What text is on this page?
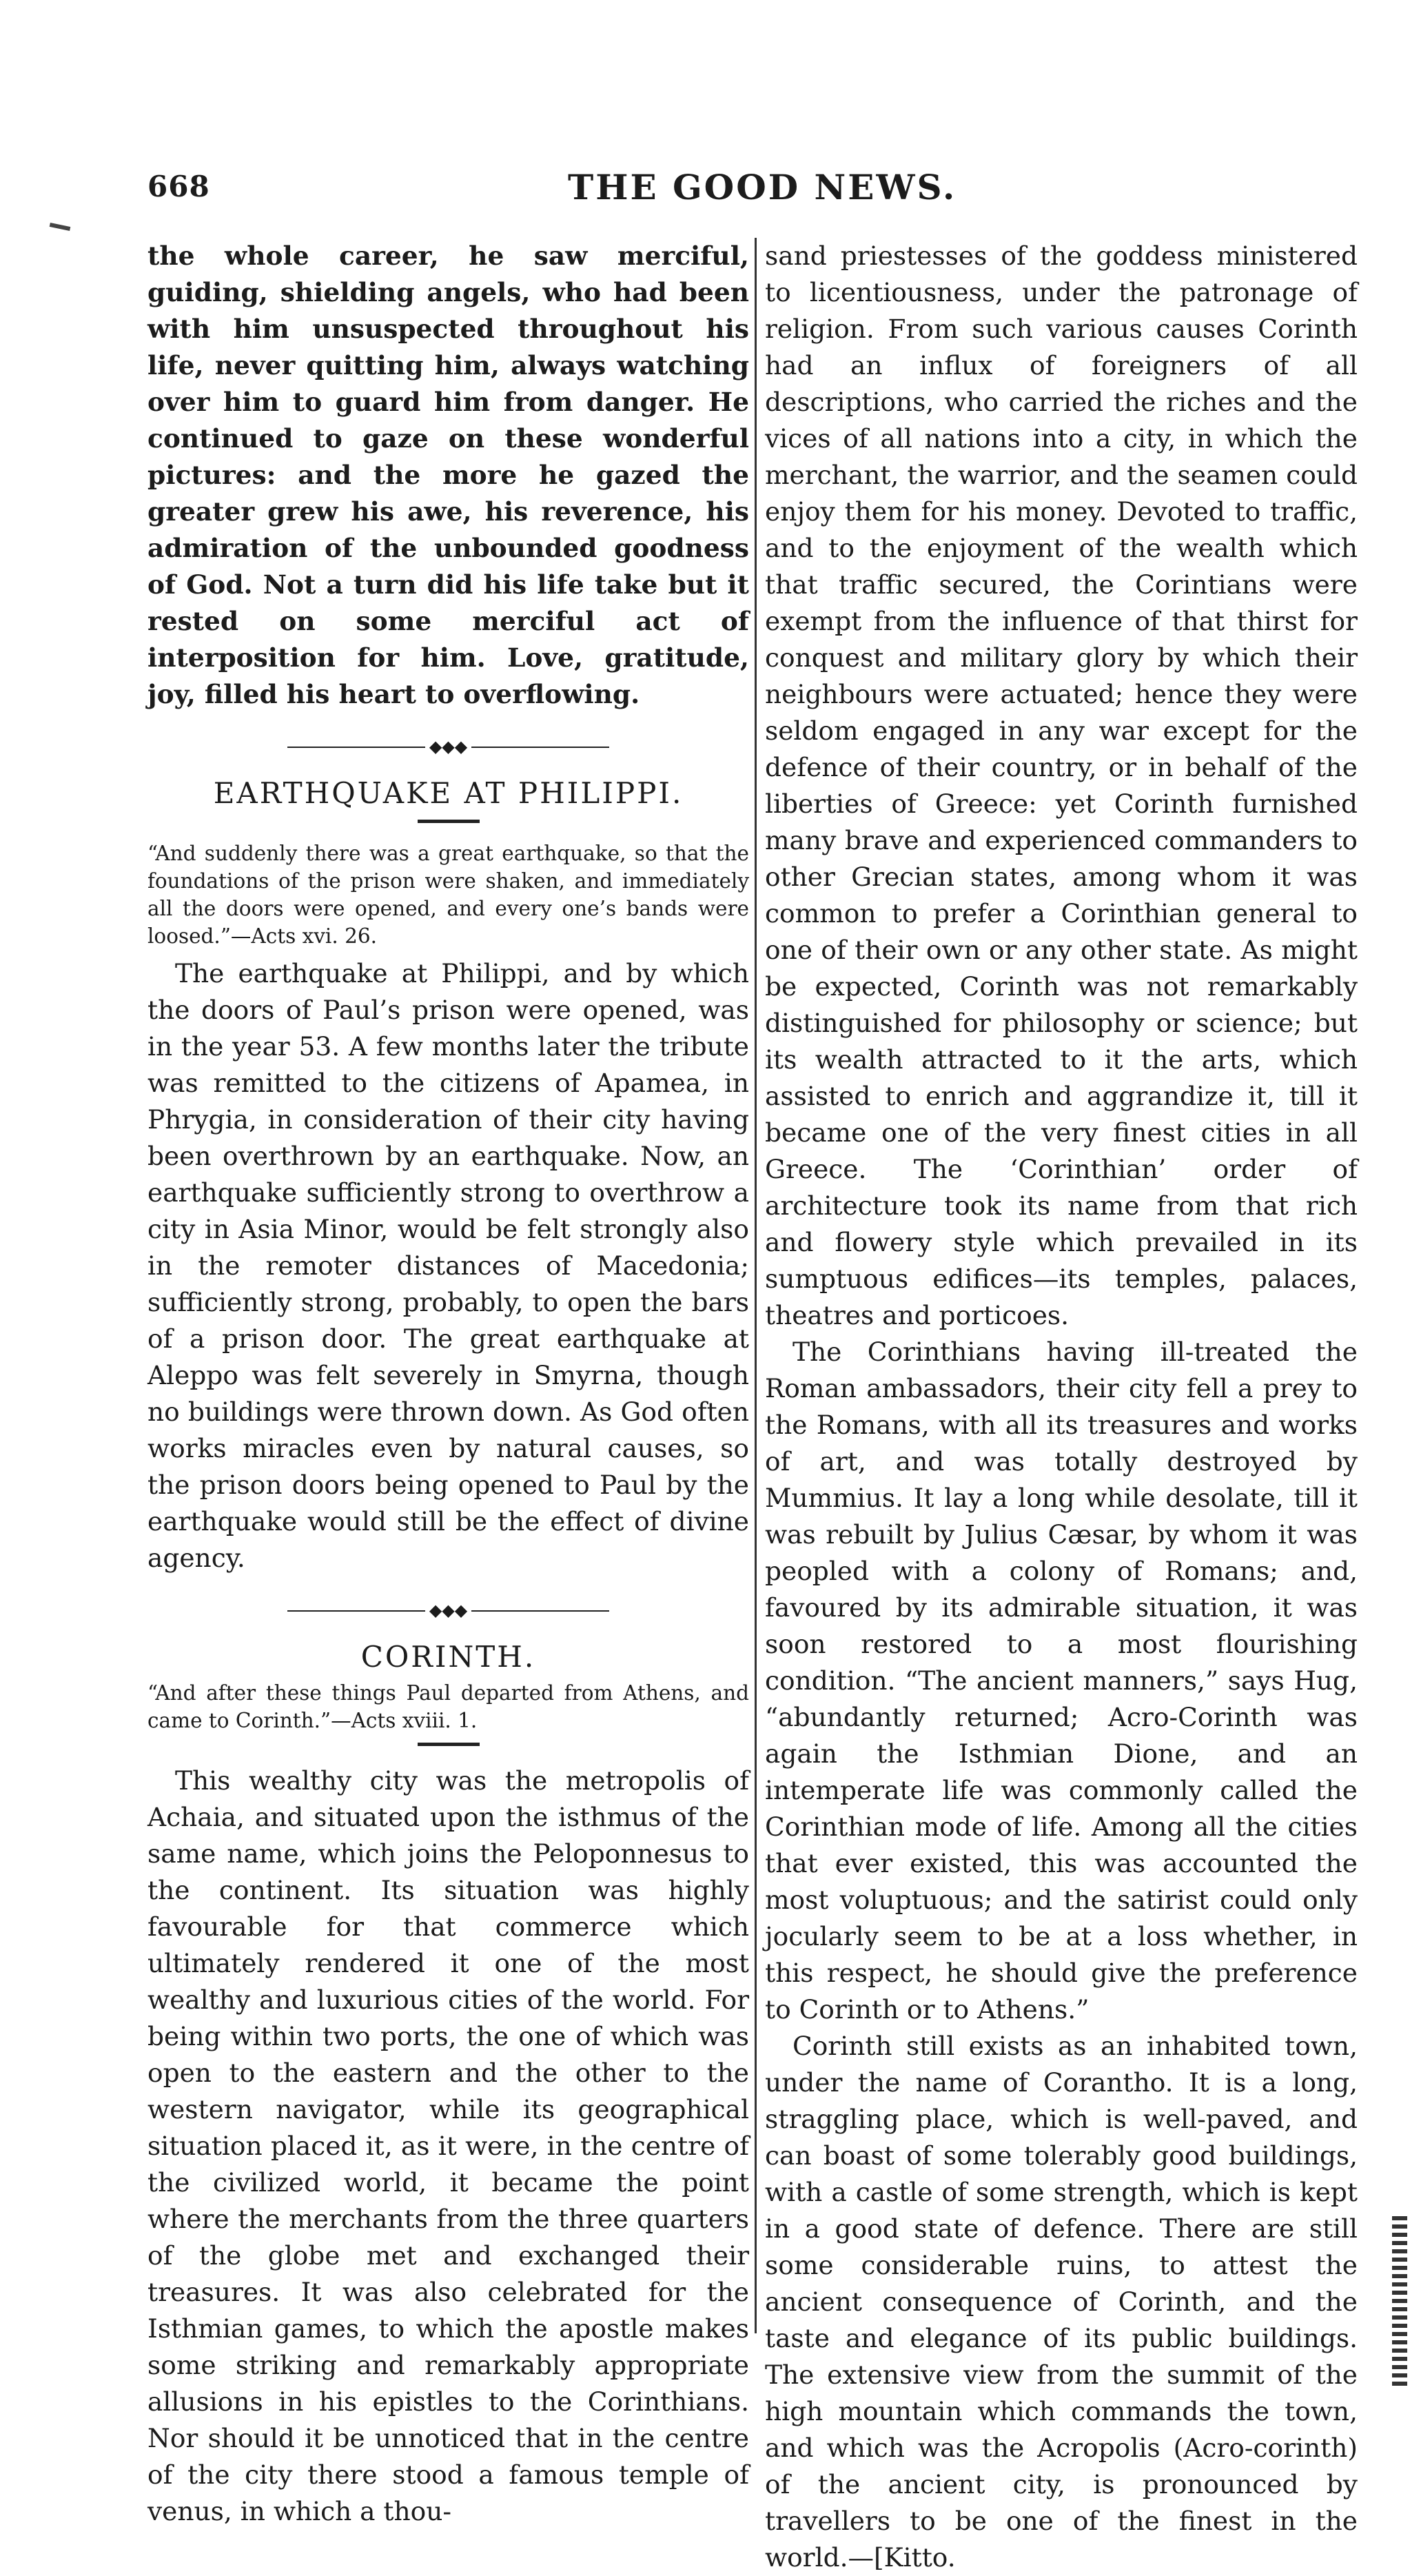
668	THE GOOD NEWS.

the whole career, he saw merciful, guiding, shielding angels, who had been with him unsuspected throughout his life, never quitting him, always watching over him to guard him from danger. He continued to gaze on these wonderful pictures: and the more he gazed the greater grew his awe, his reverence, his admiration of the unbounded goodness of God. Not a turn did his life take but it rested on some merciful act of interposition for him. Love, gratitude, joy, filled his heart to overflowing.

◆◆◆
EARTHQUAKE AT PHILIPPI.

“And suddenly there was a great earthquake, so that the foundations of the prison were shaken, and immediately all the doors were opened, and every one’s bands were loosed.”—Acts xvi. 26.

The earthquake at Philippi, and by which the doors of Paul’s prison were opened, was in the year 53. A few months later the tribute was remitted to the citizens of Apamea, in Phrygia, in consideration of their city having been overthrown by an earthquake. Now, an earthquake sufficiently strong to overthrow a city in Asia Minor, would be felt strongly also in the remoter distances of Macedonia; sufficiently strong, probably, to open the bars of a prison door. The great earthquake at Aleppo was felt severely in Smyrna, though no buildings were thrown down. As God often works miracles even by natural causes, so the prison doors being opened to Paul by the earthquake would still be the effect of divine agency.

◆◆◆
CORINTH.

“And after these things Paul departed from Athens, and came to Corinth.”—Acts xviii. 1.

This wealthy city was the metropolis of Achaia, and situated upon the isthmus of the same name, which joins the Peloponnesus to the continent. Its situation was highly favourable for that commerce which ultimately rendered it one of the most wealthy and luxurious cities of the world. For being within two ports, the one of which was open to the eastern and the other to the western navigator, while its geographical situation placed it, as it were, in the centre of the civilized world, it became the point where the merchants from the three quarters of the globe met and exchanged their treasures. It was also celebrated for the Isthmian games, to which the apostle makes some striking and remarkably appropriate allusions in his epistles to the Corinthians. Nor should it be unnoticed that in the centre of the city there stood a famous temple of venus, in which a thou-

sand priestesses of the goddess ministered to licentiousness, under the patronage of religion. From such various causes Corinth had an influx of foreigners of all descriptions, who carried the riches and the vices of all nations into a city, in which the merchant, the warrior, and the seamen could enjoy them for his money. Devoted to traffic, and to the enjoyment of the wealth which that traffic secured, the Corintians were exempt from the influence of that thirst for conquest and military glory by which their neighbours were actuated; hence they were seldom engaged in any war except for the defence of their country, or in behalf of the liberties of Greece: yet Corinth furnished many brave and experienced commanders to other Grecian states, among whom it was common to prefer a Corinthian general to one of their own or any other state. As might be expected, Corinth was not remarkably distinguished for philosophy or science; but its wealth attracted to it the arts, which assisted to enrich and aggrandize it, till it became one of the very finest cities in all Greece. The ‘Corinthian’ order of architecture took its name from that rich and flowery style which prevailed in its sumptuous edifices—its temples, palaces, theatres and porticoes.

The Corinthians having ill-treated the Roman ambassadors, their city fell a prey to the Romans, with all its treasures and works of art, and was totally destroyed by Mummius. It lay a long while desolate, till it was rebuilt by Julius Cæsar, by whom it was peopled with a colony of Romans; and, favoured by its admirable situation, it was soon restored to a most flourishing condition. “The ancient manners,” says Hug, “abundantly returned; Acro-Corinth was again the Isthmian Dione, and an intemperate life was commonly called the Corinthian mode of life. Among all the cities that ever existed, this was accounted the most voluptuous; and the satirist could only jocularly seem to be at a loss whether, in this respect, he should give the preference to Corinth or to Athens.”

Corinth still exists as an inhabited town, under the name of Corantho. It is a long, straggling place, which is well-paved, and can boast of some tolerably good buildings, with a castle of some strength, which is kept in a good state of defence. There are still some considerable ruins, to attest the ancient consequence of Corinth, and the taste and elegance of its public buildings. The extensive view from the summit of the high mountain which commands the town, and which was the Acropolis (Acro-corinth) of the ancient city, is pronounced by travellers to be one of the finest in the world.—[Kitto.
